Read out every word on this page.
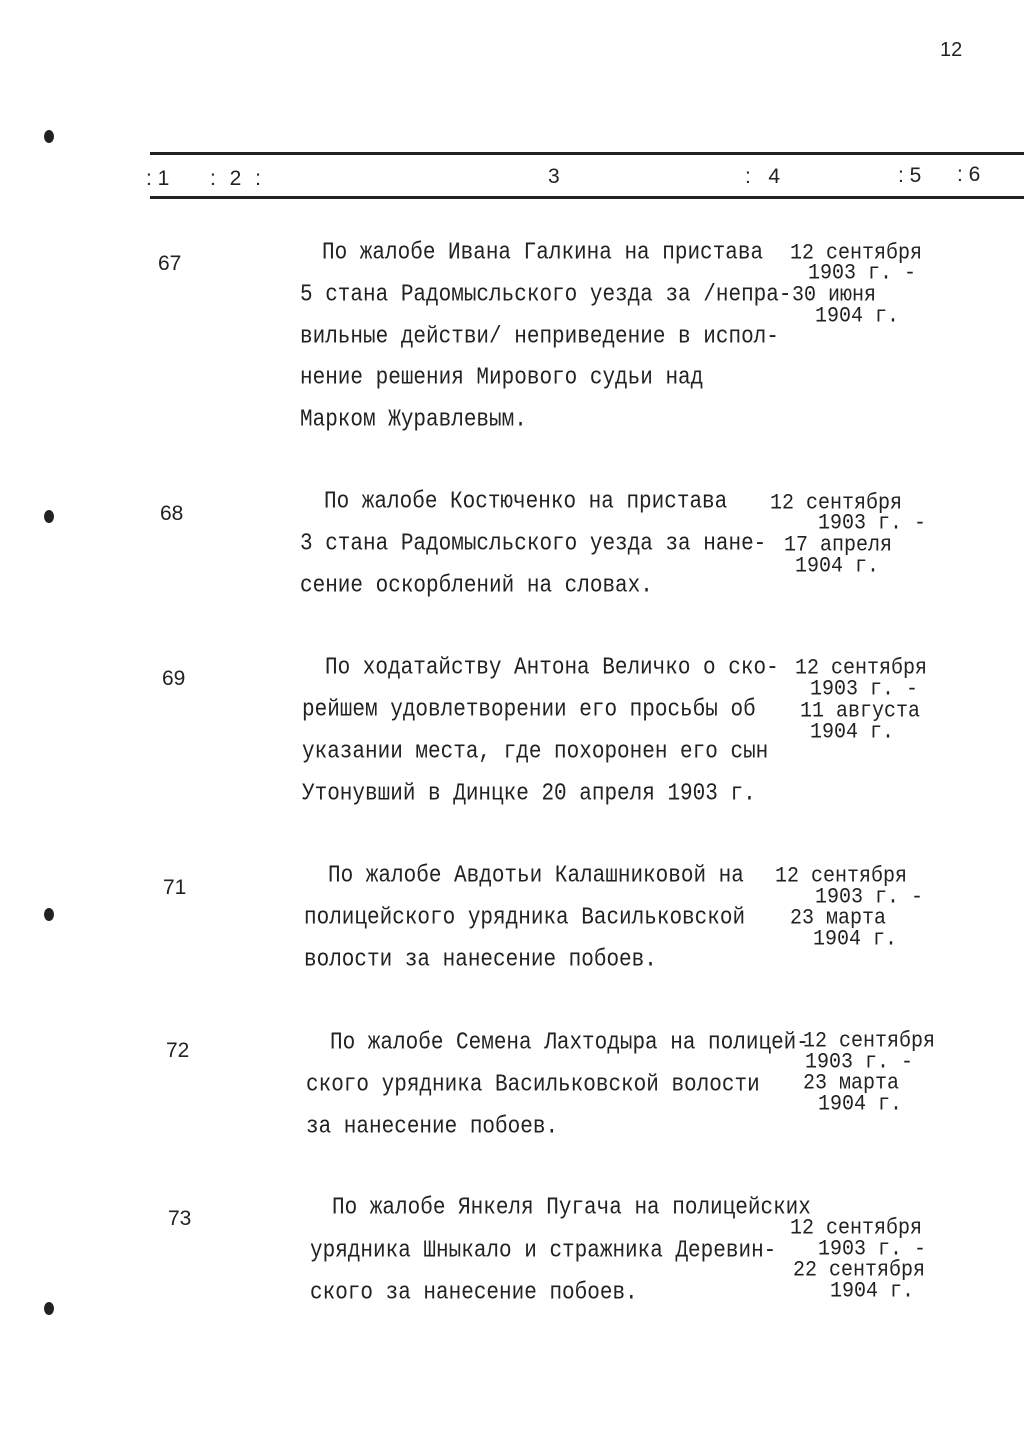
12
: 1 : 2 :	3	:   4	: 5 : 6
67	По жалобе Ивана Галкина на пристава
5 стана Радомысльского уезда за /непра-
вильные действи/ неприведение в испол-
нение решения Мирового судьи над
Марком Журавлевым.
12 сентября
1903 г. -
30 июня
1904 г.
68	По жалобе Костюченко на пристава
3 стана Радомысльского уезда за нане-
сение оскорблений на словах.
12 сентября
1903 г. -
17 апреля
1904 г.
69	По ходатайству Антона Величко о ско-
рейшем удовлетворении его просьбы об
указании места, где похоронен его сын
Утонувший в Динцке 20 апреля 1903 г.
12 сентября
1903 г. -
11 августа
1904 г.
71	По жалобе Авдотьи Калашниковой на
полицейского урядника Васильковской
волости за нанесение побоев.
12 сентября
1903 г. -
23 марта
1904 г.
72	По жалобе Семена Лахтодыра на полицей-
ского урядника Васильковской волости
за нанесение побоев.
12 сентября
1903 г. -
23 марта
1904 г.
73	По жалобе Янкеля Пугача на полицейских
урядника Шныкало и стражника Деревин-
ского за нанесение побоев.
12 сентября
1903 г. -
22 сентября
1904 г.
